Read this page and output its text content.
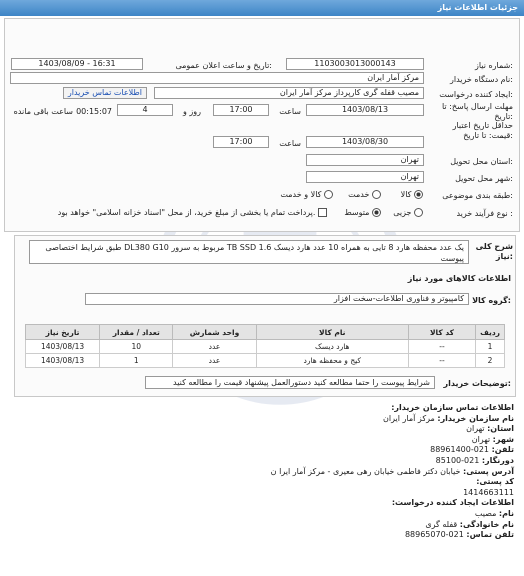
جزئیات اطلاعات نیاز
شماره نیاز:
1103003013000143
تاریخ و ساعت اعلان عمومی:
1403/08/09 - 16:31
نام دستگاه خریدار:
مرکز آمار ایران
ایجاد کننده درخواست:
مصیب قفله گری کارپرداز مرکز آمار ایران
اطلاعات تماس خریدار
مهلت ارسال پاسخ: تا تاریخ:
1403/08/13
ساعت
17:00
روز و
4
00:15:07
ساعت باقی مانده
حداقل تاریخ اعتبار قیمت: تا تاریخ:
1403/08/30
ساعت
17:00
استان محل تحویل:
تهران
شهر محل تحویل:
تهران
طبقه بندی موضوعی:
کالا
خدمت
کالا و خدمت
نوع فرآیند خرید :
جزیی
متوسط
پرداخت تمام یا بخشی از مبلغ خرید، از محل "اسناد خزانه اسلامی" خواهد بود.
شرح کلی نیاز:
یک عدد محفظه هارد 8 تایی به همراه 10 عدد هارد دیسک TB SSD 1.6 مربوط به سرور DL380 G10 طبق شرایط اختصاصی پیوست
اطلاعات کالاهای مورد نیاز
گروه کالا:
کامپیوتر و فناوری اطلاعات-سخت افزار
ردیف	کد کالا	نام کالا	واحد شمارش	تعداد / مقدار	تاریخ نیاز
1	--	هارد دیسک	عدد	10	1403/08/13
2	--	کیج و محفظه هارد	عدد	1	1403/08/13
توضیحات خریدار:
شرایط پیوست را حتما مطالعه کنید دستورالعمل پیشنهاد قیمت را مطالعه کنید
اطلاعات تماس سازمان خریدار:
نام سازمان خریدار: مرکز آمار ایران
استان: تهران
شهر: تهران
تلفن: 021-88961400
دورنگار: 021-85100
آدرس پستی: خیابان دکتر فاطمی خیابان رهی معیری - مرکز آمار ایرا ن
کد پستی:
1414663111
اطلاعات ایجاد کننده درخواست:
نام: مصیب
نام خانوادگی: قفله گری
تلفن تماس: 021-88965070
